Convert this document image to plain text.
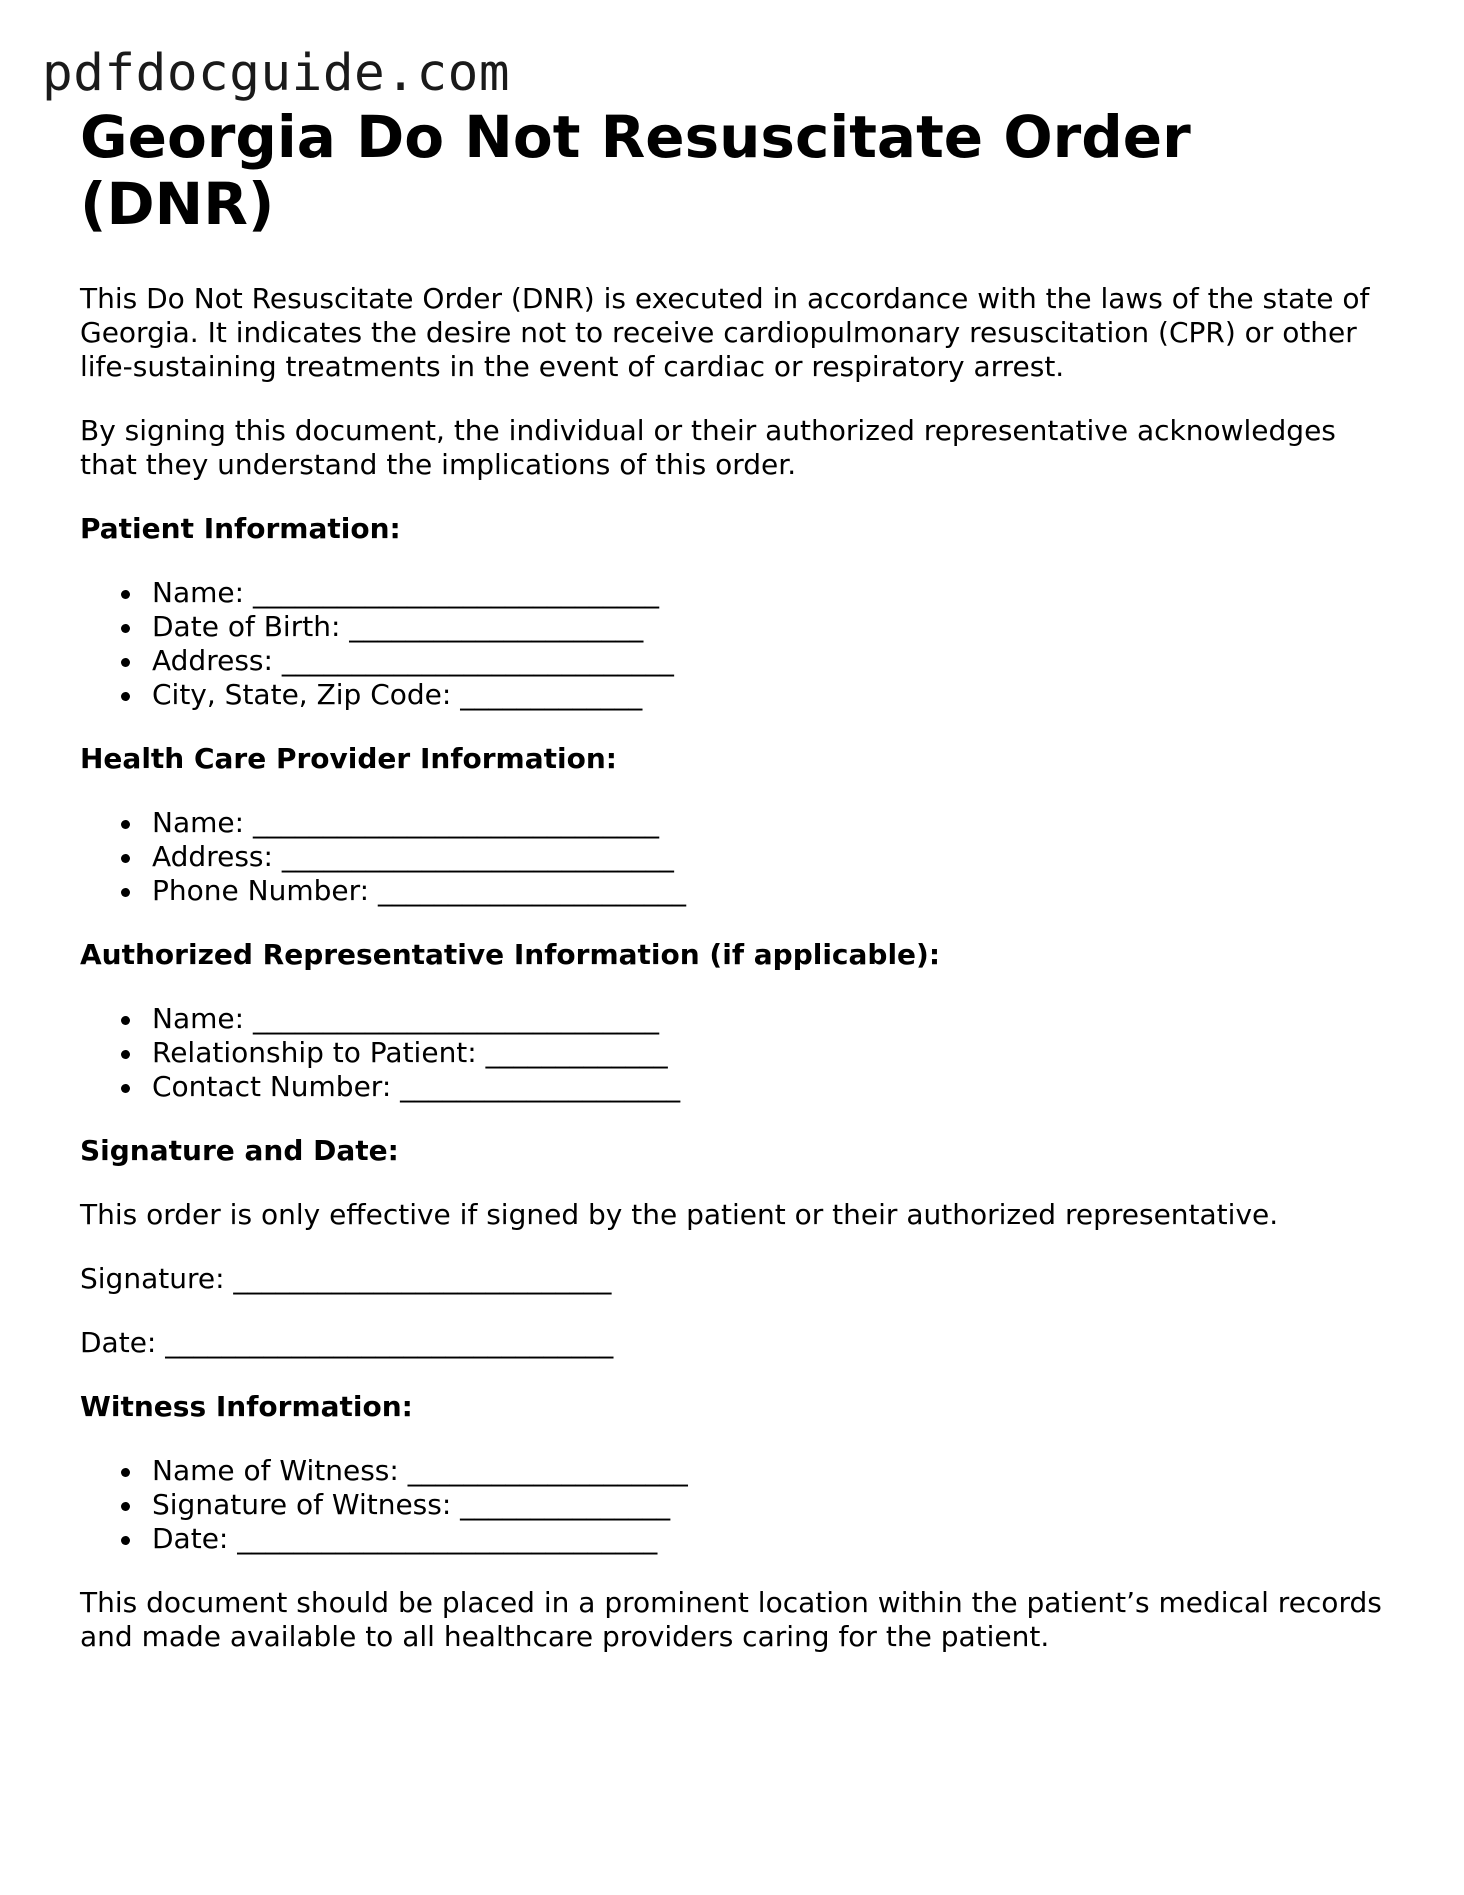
pdfdocguide.com
Georgia Do Not Resuscitate Order (DNR)

This Do Not Resuscitate Order (DNR) is executed in accordance with the laws of the state of Georgia. It indicates the desire not to receive cardiopulmonary resuscitation (CPR) or other life-sustaining treatments in the event of cardiac or respiratory arrest.

By signing this document, the individual or their authorized representative acknowledges that they understand the implications of this order.

Patient Information:
Name: _____________________________
Date of Birth: _____________________
Address: ____________________________
City, State, Zip Code: _____________
Health Care Provider Information:
Name: _____________________________
Address: ____________________________
Phone Number: ______________________
Authorized Representative Information (if applicable):
Name: _____________________________
Relationship to Patient: _____________
Contact Number: ____________________
Signature and Date:

This order is only effective if signed by the patient or their authorized representative.

Signature: ___________________________

Date: ________________________________

Witness Information:
Name of Witness: ____________________
Signature of Witness: _______________
Date: ______________________________

This document should be placed in a prominent location within the patient’s medical records and made available to all healthcare providers caring for the patient.
